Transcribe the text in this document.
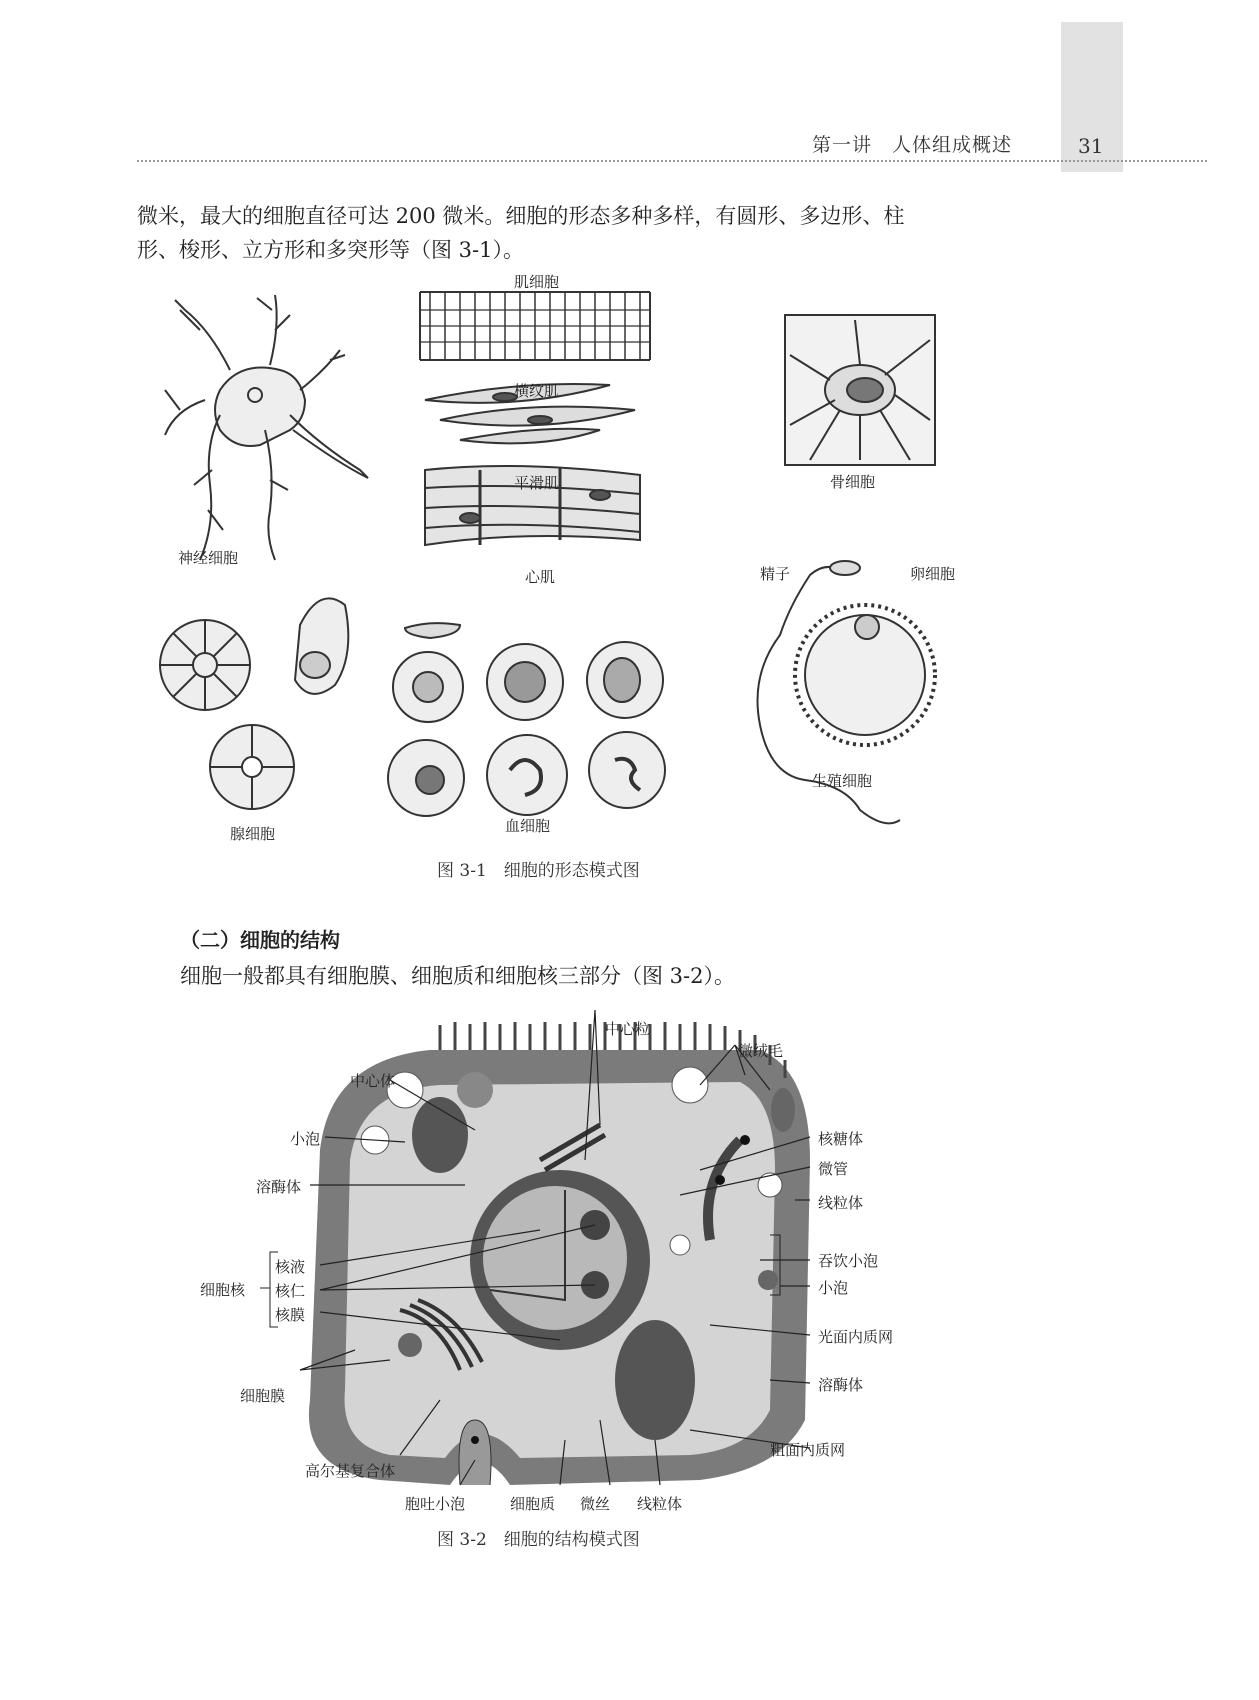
第一讲　人体组成概述	31
微米，最大的细胞直径可达 200 微米。细胞的形态多种多样，有圆形、多边形、柱
形、梭形、立方形和多突形等（图 3-1）。
肌细胞
横纹肌
平滑肌
心肌
神经细胞
骨细胞
精子	卵细胞
生殖细胞
腺细胞	血细胞
图 3-1　细胞的形态模式图
（二）细胞的结构
细胞一般都具有细胞膜、细胞质和细胞核三部分（图 3-2）。
中心粒
微绒毛
中心体
小泡
溶酶体
核糖体
微管
线粒体
吞饮小泡
小泡
光面内质网
溶酶体
粗面内质网
细胞核
核液
核仁
核膜
细胞膜
高尔基复合体
胞吐小泡	细胞质 微丝 线粒体
图 3-2　细胞的结构模式图
